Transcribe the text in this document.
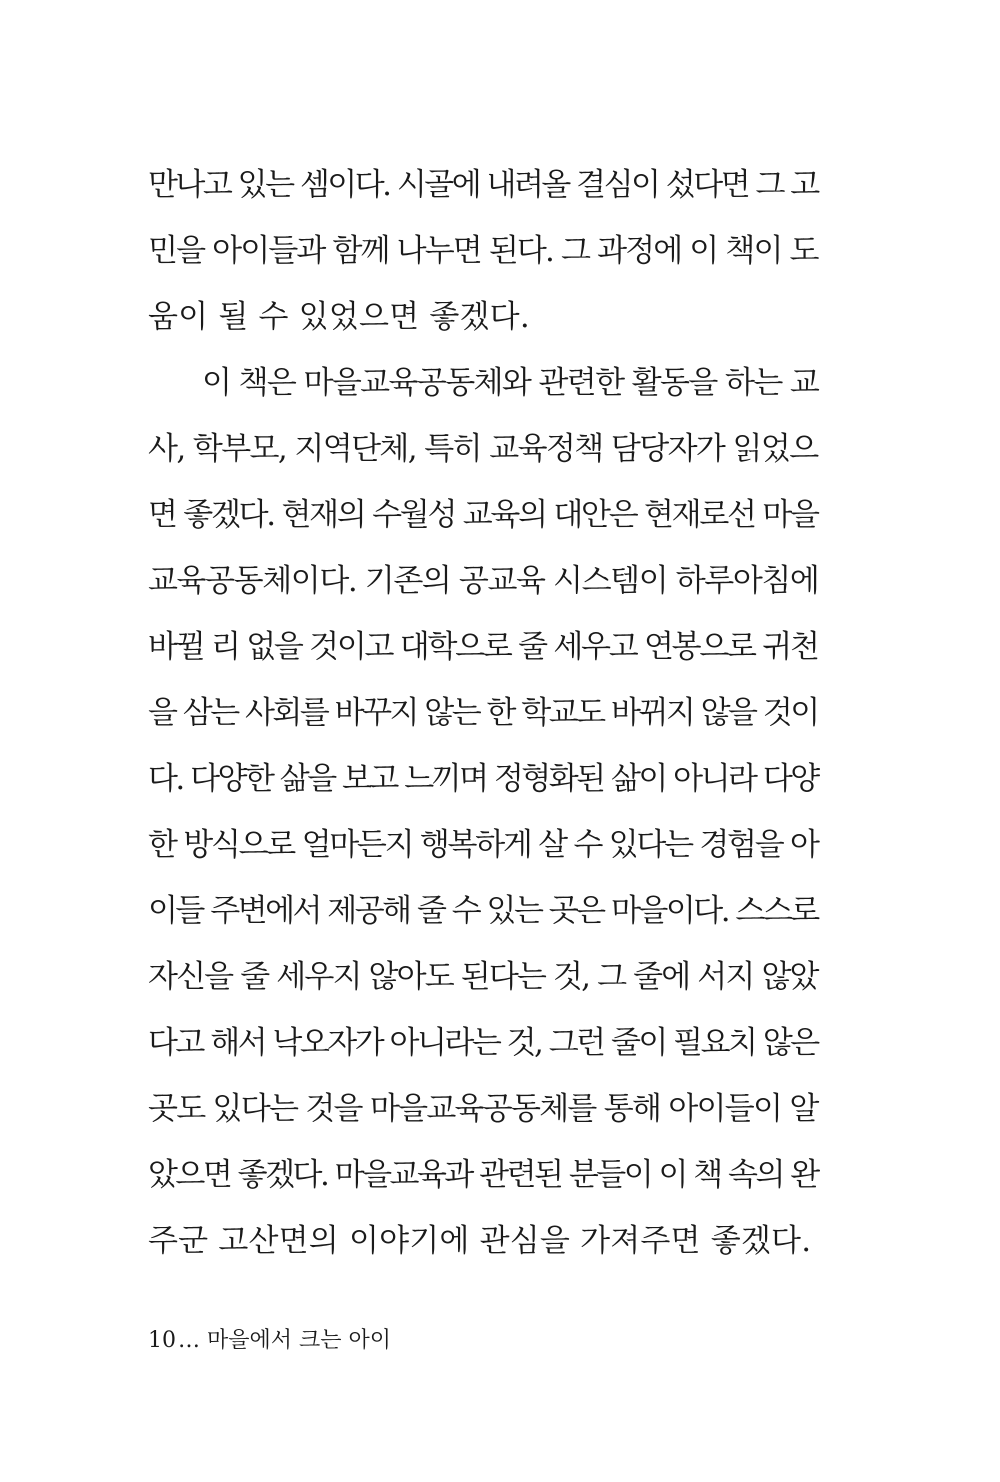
만나고 있는 셈이다. 시골에 내려올 결심이 섰다면 그 고
민을 아이들과 함께 나누면 된다. 그 과정에 이 책이 도
움이 될 수 있었으면 좋겠다.
이 책은 마을교육공동체와 관련한 활동을 하는 교
사, 학부모, 지역단체, 특히 교육정책 담당자가 읽었으
면 좋겠다. 현재의 수월성 교육의 대안은 현재로선 마을
교육공동체이다. 기존의 공교육 시스템이 하루아침에
바뀔 리 없을 것이고 대학으로 줄 세우고 연봉으로 귀천
을 삼는 사회를 바꾸지 않는 한 학교도 바뀌지 않을 것이
다. 다양한 삶을 보고 느끼며 정형화된 삶이 아니라 다양
한 방식으로 얼마든지 행복하게 살 수 있다는 경험을 아
이들 주변에서 제공해 줄 수 있는 곳은 마을이다. 스스로
자신을 줄 세우지 않아도 된다는 것, 그 줄에 서지 않았
다고 해서 낙오자가 아니라는 것, 그런 줄이 필요치 않은
곳도 있다는 것을 마을교육공동체를 통해 아이들이 알
았으면 좋겠다. 마을교육과 관련된 분들이 이 책 속의 완
주군 고산면의 이야기에 관심을 가져주면 좋겠다.
10… 마을에서 크는 아이
